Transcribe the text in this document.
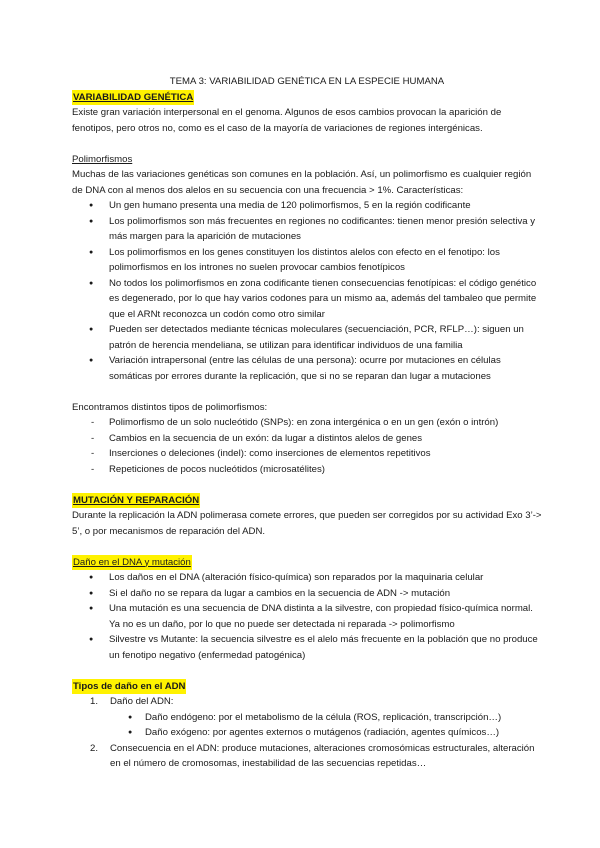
TEMA 3: VARIABILIDAD GENÉTICA EN LA ESPECIE HUMANA

VARIABILIDAD GENÉTICA

Existe gran variación interpersonal en el genoma. Algunos de esos cambios provocan la aparición de fenotipos, pero otros no, como es el caso de la mayoría de variaciones de regiones intergénicas.

Polimorfismos

Muchas de las variaciones genéticas son comunes en la población. Así, un polimorfismo es cualquier región de DNA con al menos dos alelos en su secuencia con una frecuencia > 1%. Características:

● Un gen humano presenta una media de 120 polimorfismos, 5 en la región codificante
● Los polimorfismos son más frecuentes en regiones no codificantes: tienen menor presión selectiva y más margen para la aparición de mutaciones
● Los polimorfismos en los genes constituyen los distintos alelos con efecto en el fenotipo: los polimorfismos en los intrones no suelen provocar cambios fenotípicos
● No todos los polimorfismos en zona codificante tienen consecuencias fenotípicas: el código genético es degenerado, por lo que hay varios codones para un mismo aa, además del tambaleo que permite que el ARNt reconozca un codón como otro similar
● Pueden ser detectados mediante técnicas moleculares (secuenciación, PCR, RFLP…): siguen un patrón de herencia mendeliana, se utilizan para identificar individuos de una familia
● Variación intrapersonal (entre las células de una persona): ocurre por mutaciones en células somáticas por errores durante la replicación, que si no se reparan dan lugar a mutaciones

Encontramos distintos tipos de polimorfismos:

- Polimorfismo de un solo nucleótido (SNPs): en zona intergénica o en un gen (exón o intrón)
- Cambios en la secuencia de un exón: da lugar a distintos alelos de genes
- Inserciones o deleciones (indel): como inserciones de elementos repetitivos
- Repeticiones de pocos nucleótidos (microsatélites)
MUTACIÓN Y REPARACIÓN

Durante la replicación la ADN polimerasa comete errores, que pueden ser corregidos por su actividad Exo 3’-> 5’, o por mecanismos de reparación del ADN.

Daño en el DNA y mutación
● Los daños en el DNA (alteración físico-química) son reparados por la maquinaria celular
● Si el daño no se repara da lugar a cambios en la secuencia de ADN -> mutación
● Una mutación es una secuencia de DNA distinta a la silvestre, con propiedad físico-química normal. Ya no es un daño, por lo que no puede ser detectada ni reparada -> polimorfismo
● Silvestre vs Mutante: la secuencia silvestre es el alelo más frecuente en la población que no produce un fenotipo negativo (enfermedad patogénica)
Tipos de daño en el ADN
1. Daño del ADN:
● Daño endógeno: por el metabolismo de la célula (ROS, replicación, transcripción…)
● Daño exógeno: por agentes externos o mutágenos (radiación, agentes químicos…)
2. Consecuencia en el ADN: produce mutaciones, alteraciones cromosómicas estructurales, alteración en el número de cromosomas, inestabilidad de las secuencias repetidas…
